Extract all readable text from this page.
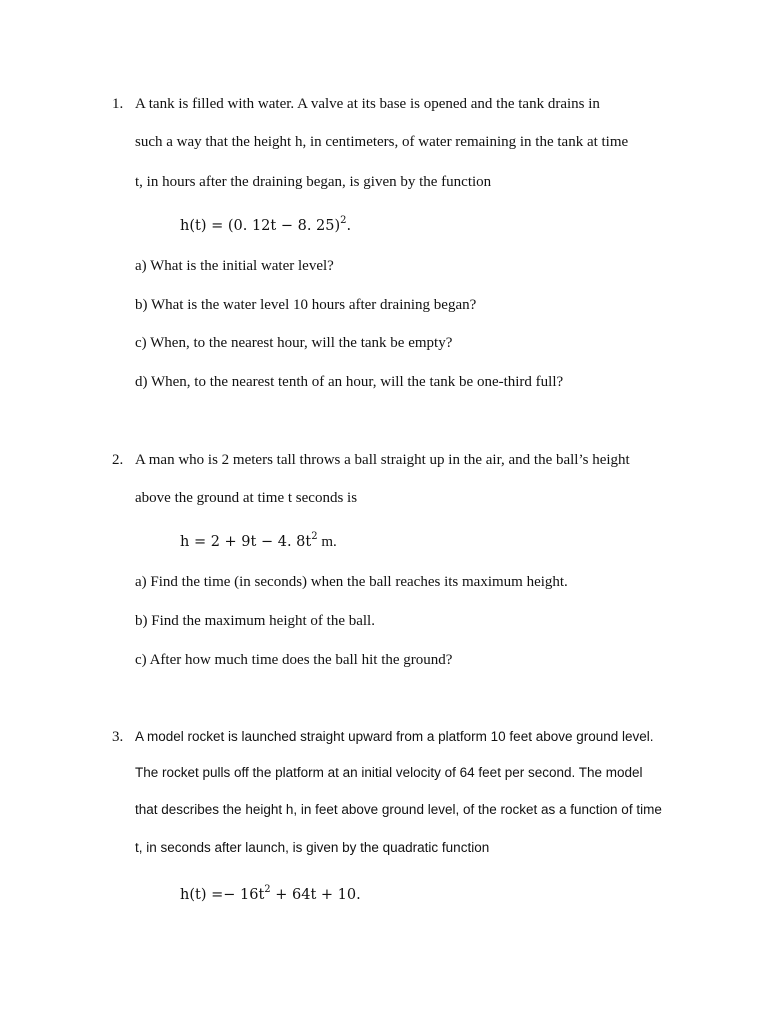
1. A tank is filled with water. A valve at its base is opened and the tank drains in
such a way that the height h, in centimeters, of water remaining in the tank at time
t, in hours after the draining began, is given by the function
h(t) = (0. 12t − 8. 25)$^2$.
a) What is the initial water level?
b) What is the water level 10 hours after draining began?
c) When, to the nearest hour, will the tank be empty?
d) When, to the nearest tenth of an hour, will the tank be one-third full?
2. A man who is 2 meters tall throws a ball straight up in the air, and the ball’s height
above the ground at time t seconds is
h = 2 + 9t − 4. $8t^2$ m.
a) Find the time (in seconds) when the ball reaches its maximum height.
b) Find the maximum height of the ball.
c) After how much time does the ball hit the ground?
3. A model rocket is launched straight upward from a platform 10 feet above ground level.
The rocket pulls off the platform at an initial velocity of 64 feet per second. The model
that describes the height h, in feet above ground level, of the rocket as a function of time
t, in seconds after launch, is given by the quadratic function
$h(t) =- 16t^2 + 64t + 10$.
